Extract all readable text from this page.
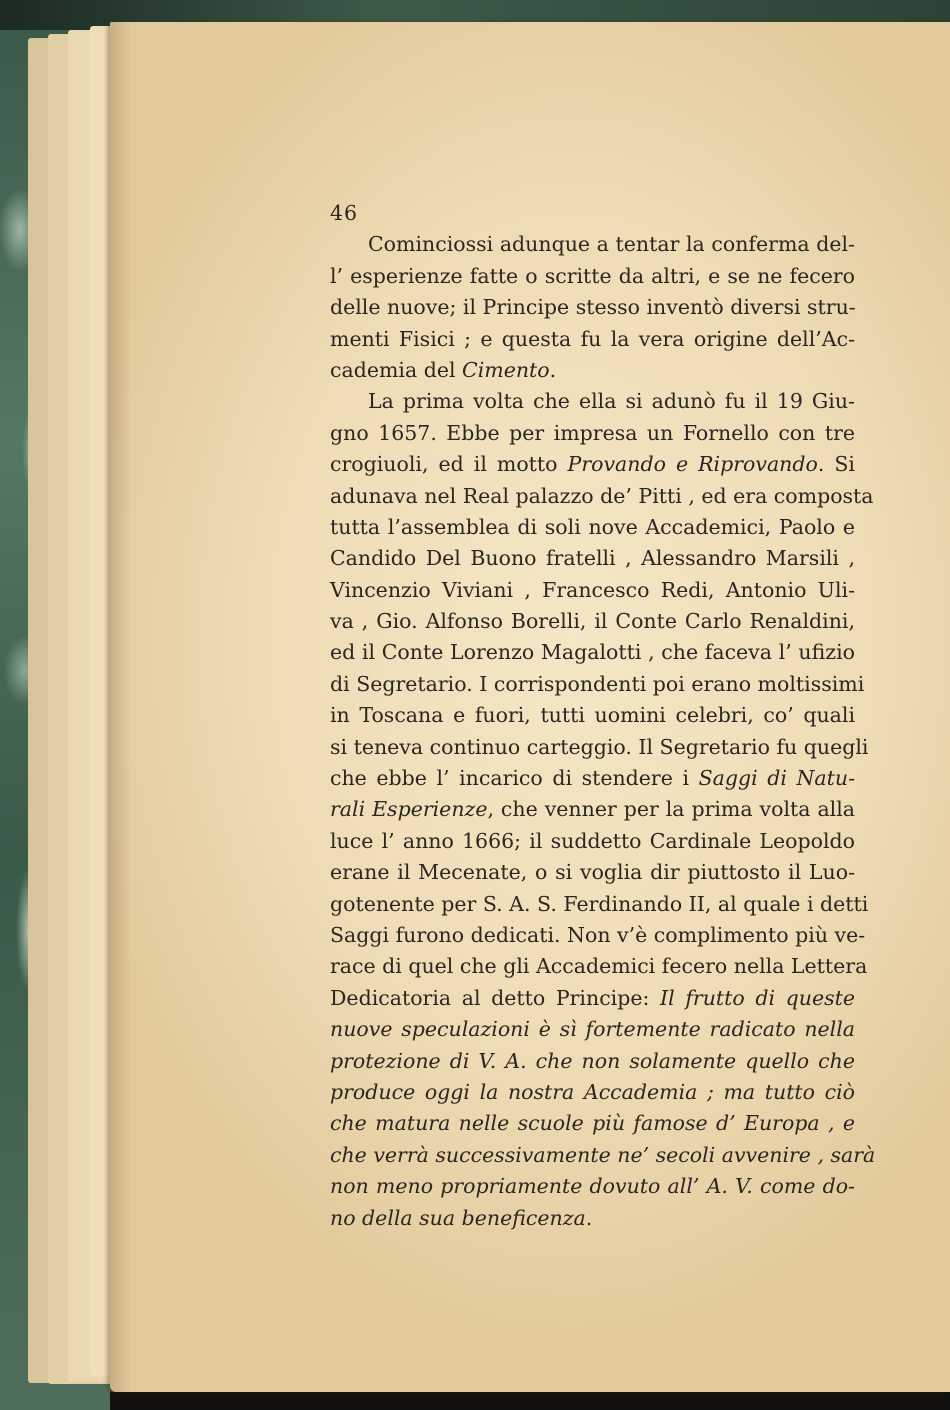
46
Cominciossi adunque a tentar la conferma del-
l’ esperienze fatte o scritte da altri, e se ne fecero
delle nuove; il Principe stesso inventò diversi stru-
menti Fisici ; e questa fu la vera origine dell’Ac-
cademia del Cimento.
La prima volta che ella si adunò fu il 19 Giu-
gno 1657. Ebbe per impresa un Fornello con tre
crogiuoli, ed il motto Provando e Riprovando. Si
adunava nel Real palazzo de’ Pitti , ed era composta
tutta l’assemblea di soli nove Accademici, Paolo e
Candido Del Buono fratelli , Alessandro Marsili ,
Vincenzio Viviani , Francesco Redi, Antonio Uli-
va , Gio. Alfonso Borelli, il Conte Carlo Renaldini,
ed il Conte Lorenzo Magalotti , che faceva l’ ufizio
di Segretario. I corrispondenti poi erano moltissimi
in Toscana e fuori, tutti uomini celebri, co’ quali
si teneva continuo carteggio. Il Segretario fu quegli
che ebbe l’ incarico di stendere i Saggi di Natu-
rali Esperienze, che venner per la prima volta alla
luce l’ anno 1666; il suddetto Cardinale Leopoldo
erane il Mecenate, o si voglia dir piuttosto il Luo-
gotenente per S. A. S. Ferdinando II, al quale i detti
Saggi furono dedicati. Non v’è complimento più ve-
race di quel che gli Accademici fecero nella Lettera
Dedicatoria al detto Principe: Il frutto di queste
nuove speculazioni è sì fortemente radicato nella
protezione di V. A. che non solamente quello che
produce oggi la nostra Accademia ; ma tutto ciò
che matura nelle scuole più famose d’ Europa , e
che verrà successivamente ne’ secoli avvenire , sarà
non meno propriamente dovuto all’ A. V. come do-
no della sua beneficenza.
